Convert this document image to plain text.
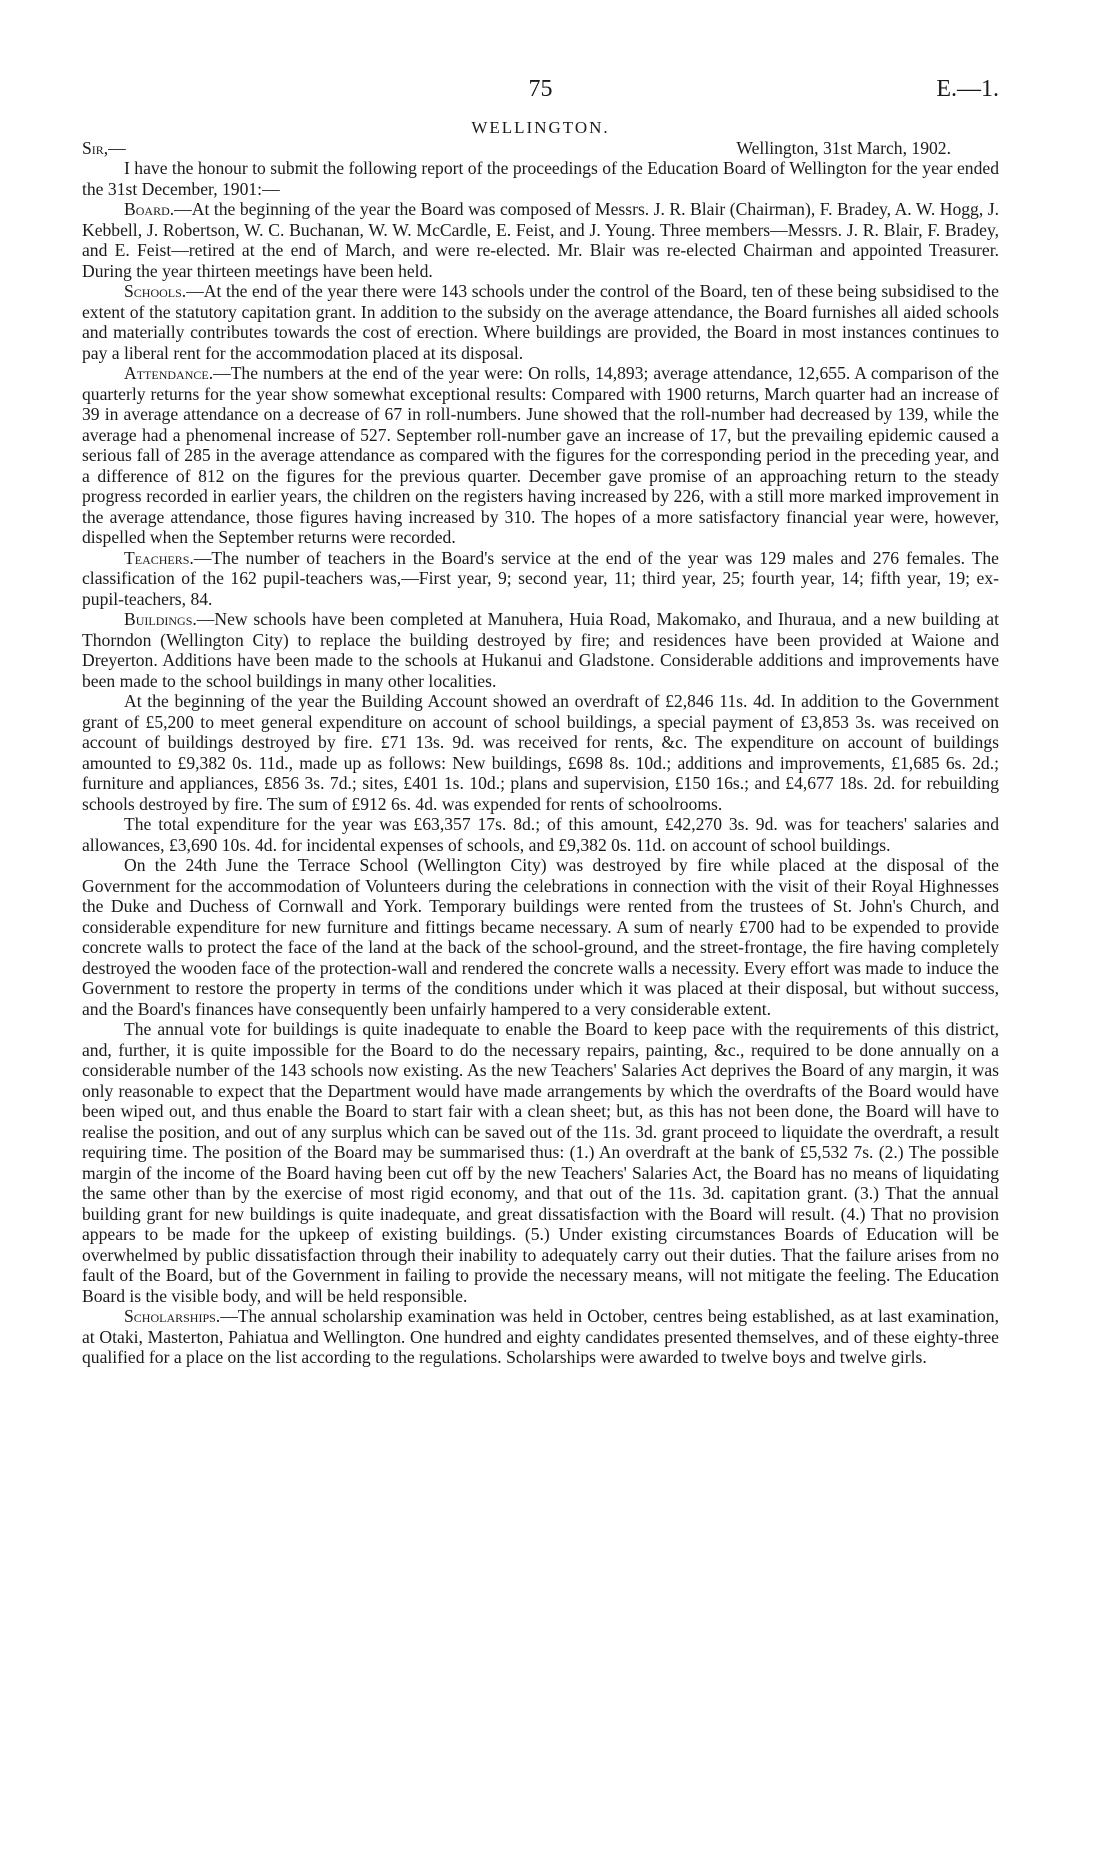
75	E.—1.
WELLINGTON.
Sir,—	Wellington, 31st March, 1902.

I have the honour to submit the following report of the proceedings of the Education Board of Wellington for the year ended the 31st December, 1901:—

Board.—At the beginning of the year the Board was composed of Messrs. J. R. Blair (Chairman), F. Bradey, A. W. Hogg, J. Kebbell, J. Robertson, W. C. Buchanan, W. W. McCardle, E. Feist, and J. Young. Three members—Messrs. J. R. Blair, F. Bradey, and E. Feist—retired at the end of March, and were re-elected. Mr. Blair was re-elected Chairman and appointed Treasurer. During the year thirteen meetings have been held.

Schools.—At the end of the year there were 143 schools under the control of the Board, ten of these being subsidised to the extent of the statutory capitation grant. In addition to the subsidy on the average attendance, the Board furnishes all aided schools and materially contributes towards the cost of erection. Where buildings are provided, the Board in most instances continues to pay a liberal rent for the accommodation placed at its disposal.

Attendance.—The numbers at the end of the year were: On rolls, 14,893; average attendance, 12,655. A comparison of the quarterly returns for the year show somewhat exceptional results: Compared with 1900 returns, March quarter had an increase of 39 in average attendance on a decrease of 67 in roll-numbers. June showed that the roll-number had decreased by 139, while the average had a phenomenal increase of 527. September roll-number gave an increase of 17, but the prevailing epidemic caused a serious fall of 285 in the average attendance as compared with the figures for the corresponding period in the preceding year, and a difference of 812 on the figures for the previous quarter. December gave promise of an approaching return to the steady progress recorded in earlier years, the children on the registers having increased by 226, with a still more marked improvement in the average attendance, those figures having increased by 310. The hopes of a more satisfactory financial year were, however, dispelled when the September returns were recorded.

Teachers.—The number of teachers in the Board's service at the end of the year was 129 males and 276 females. The classification of the 162 pupil-teachers was,—First year, 9; second year, 11; third year, 25; fourth year, 14; fifth year, 19; ex-pupil-teachers, 84.

Buildings.—New schools have been completed at Manuhera, Huia Road, Makomako, and Ihuraua, and a new building at Thorndon (Wellington City) to replace the building destroyed by fire; and residences have been provided at Waione and Dreyerton. Additions have been made to the schools at Hukanui and Gladstone. Considerable additions and improvements have been made to the school buildings in many other localities.

At the beginning of the year the Building Account showed an overdraft of £2,846 11s. 4d. In addition to the Government grant of £5,200 to meet general expenditure on account of school buildings, a special payment of £3,853 3s. was received on account of buildings destroyed by fire. £71 13s. 9d. was received for rents, &c. The expenditure on account of buildings amounted to £9,382 0s. 11d., made up as follows: New buildings, £698 8s. 10d.; additions and improvements, £1,685 6s. 2d.; furniture and appliances, £856 3s. 7d.; sites, £401 1s. 10d.; plans and supervision, £150 16s.; and £4,677 18s. 2d. for rebuilding schools destroyed by fire. The sum of £912 6s. 4d. was expended for rents of schoolrooms.

The total expenditure for the year was £63,357 17s. 8d.; of this amount, £42,270 3s. 9d. was for teachers' salaries and allowances, £3,690 10s. 4d. for incidental expenses of schools, and £9,382 0s. 11d. on account of school buildings.

On the 24th June the Terrace School (Wellington City) was destroyed by fire while placed at the disposal of the Government for the accommodation of Volunteers during the celebrations in connection with the visit of their Royal Highnesses the Duke and Duchess of Cornwall and York. Temporary buildings were rented from the trustees of St. John's Church, and considerable expenditure for new furniture and fittings became necessary. A sum of nearly £700 had to be expended to provide concrete walls to protect the face of the land at the back of the school-ground, and the street-frontage, the fire having completely destroyed the wooden face of the protection-wall and rendered the concrete walls a necessity. Every effort was made to induce the Government to restore the property in terms of the conditions under which it was placed at their disposal, but without success, and the Board's finances have consequently been unfairly hampered to a very considerable extent.

The annual vote for buildings is quite inadequate to enable the Board to keep pace with the requirements of this district, and, further, it is quite impossible for the Board to do the necessary repairs, painting, &c., required to be done annually on a considerable number of the 143 schools now existing. As the new Teachers' Salaries Act deprives the Board of any margin, it was only reasonable to expect that the Department would have made arrangements by which the overdrafts of the Board would have been wiped out, and thus enable the Board to start fair with a clean sheet; but, as this has not been done, the Board will have to realise the position, and out of any surplus which can be saved out of the 11s. 3d. grant proceed to liquidate the overdraft, a result requiring time. The position of the Board may be summarised thus: (1.) An overdraft at the bank of £5,532 7s. (2.) The possible margin of the income of the Board having been cut off by the new Teachers' Salaries Act, the Board has no means of liquidating the same other than by the exercise of most rigid economy, and that out of the 11s. 3d. capitation grant. (3.) That the annual building grant for new buildings is quite inadequate, and great dissatisfaction with the Board will result. (4.) That no provision appears to be made for the upkeep of existing buildings. (5.) Under existing circumstances Boards of Education will be overwhelmed by public dissatisfaction through their inability to adequately carry out their duties. That the failure arises from no fault of the Board, but of the Government in failing to provide the necessary means, will not mitigate the feeling. The Education Board is the visible body, and will be held responsible.

Scholarships.—The annual scholarship examination was held in October, centres being established, as at last examination, at Otaki, Masterton, Pahiatua and Wellington. One hundred and eighty candidates presented themselves, and of these eighty-three qualified for a place on the list according to the regulations. Scholarships were awarded to twelve boys and twelve girls.
